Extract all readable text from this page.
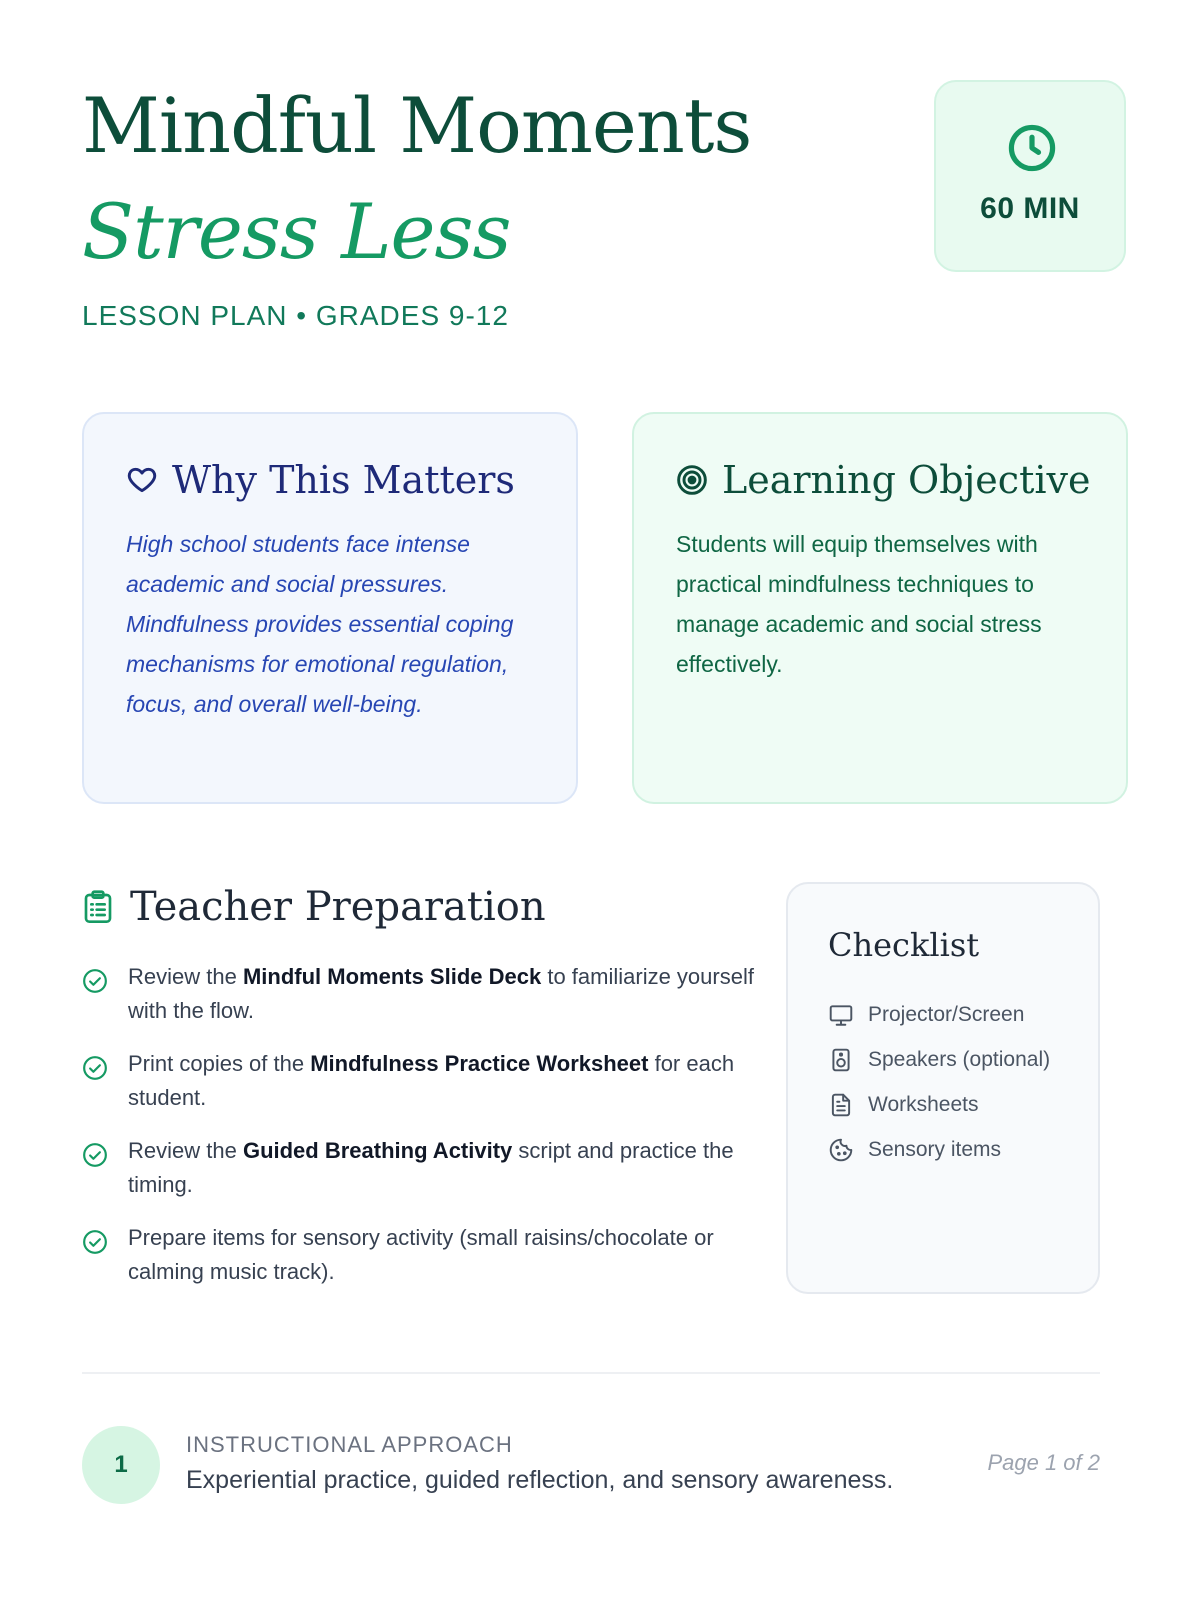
Mindful Moments
Stress Less
LESSON PLAN • GRADES 9-12
60 MIN
Why This Matters

High school students face intense academic and social pressures. Mindfulness provides essential coping mechanisms for emotional regulation, focus, and overall well-being.

Learning Objective

Students will equip themselves with practical mindfulness techniques to manage academic and social stress effectively.

Teacher Preparation
Review the Mindful Moments Slide Deck to familiarize yourself with the flow.
Print copies of the Mindfulness Practice Worksheet for each student.
Review the Guided Breathing Activity script and practice the timing.
Prepare items for sensory activity (small raisins/chocolate or calming music track).
Checklist
Projector/Screen
Speakers (optional)
Worksheets
Sensory items
1
INSTRUCTIONAL APPROACH
Experiential practice, guided reflection, and sensory awareness.
Page 1 of 2
